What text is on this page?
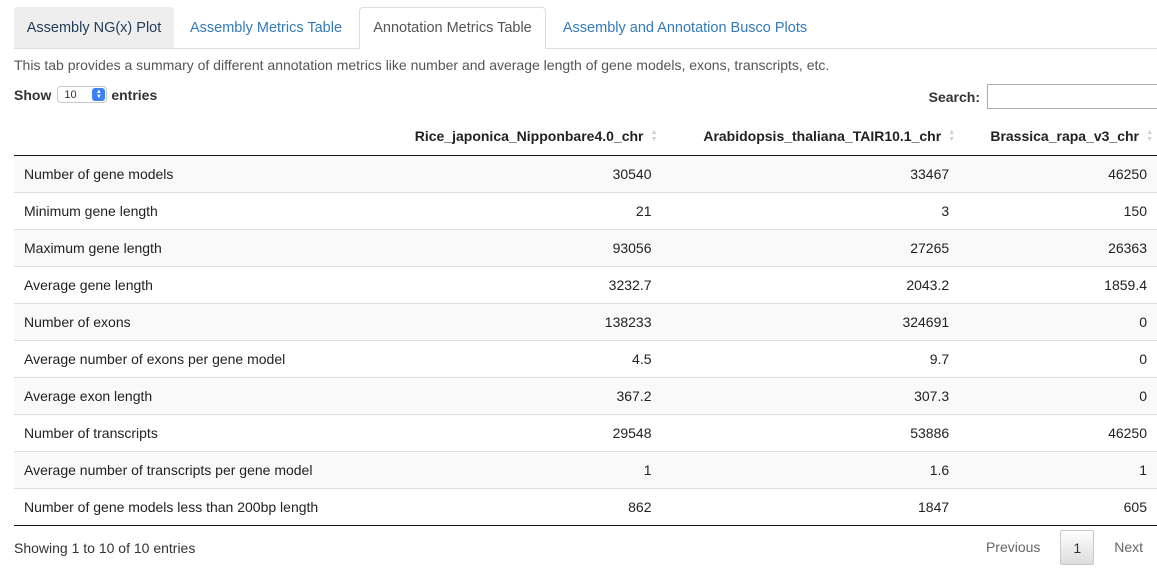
Assembly NG(x) Plot	Assembly Metrics Table	Annotation Metrics Table	Assembly and Annotation Busco Plots
This tab provides a summary of different annotation metrics like number and average length of gene models, exons, transcripts, etc.
Show 10	▲
▼ entries	Search:
	Rice_japonica_Nipponbare4.0_chr ▲
▼	Arabidopsis_thaliana_TAIR10.1_chr ▲
▼	Brassica_rapa_v3_chr ▲
▼

Number of gene models	30540	33467	46250
Minimum gene length	21	3	150
Maximum gene length	93056	27265	26363
Average gene length	3232.7	2043.2	1859.4
Number of exons	138233	324691	0
Average number of exons per gene model	4.5	9.7	0
Average exon length	367.2	307.3	0
Number of transcripts	29548	53886	46250
Average number of transcripts per gene model	1	1.6	1
Number of gene models less than 200bp length	862	1847	605
Showing 1 to 10 of 10 entries	Previous	1	Next
